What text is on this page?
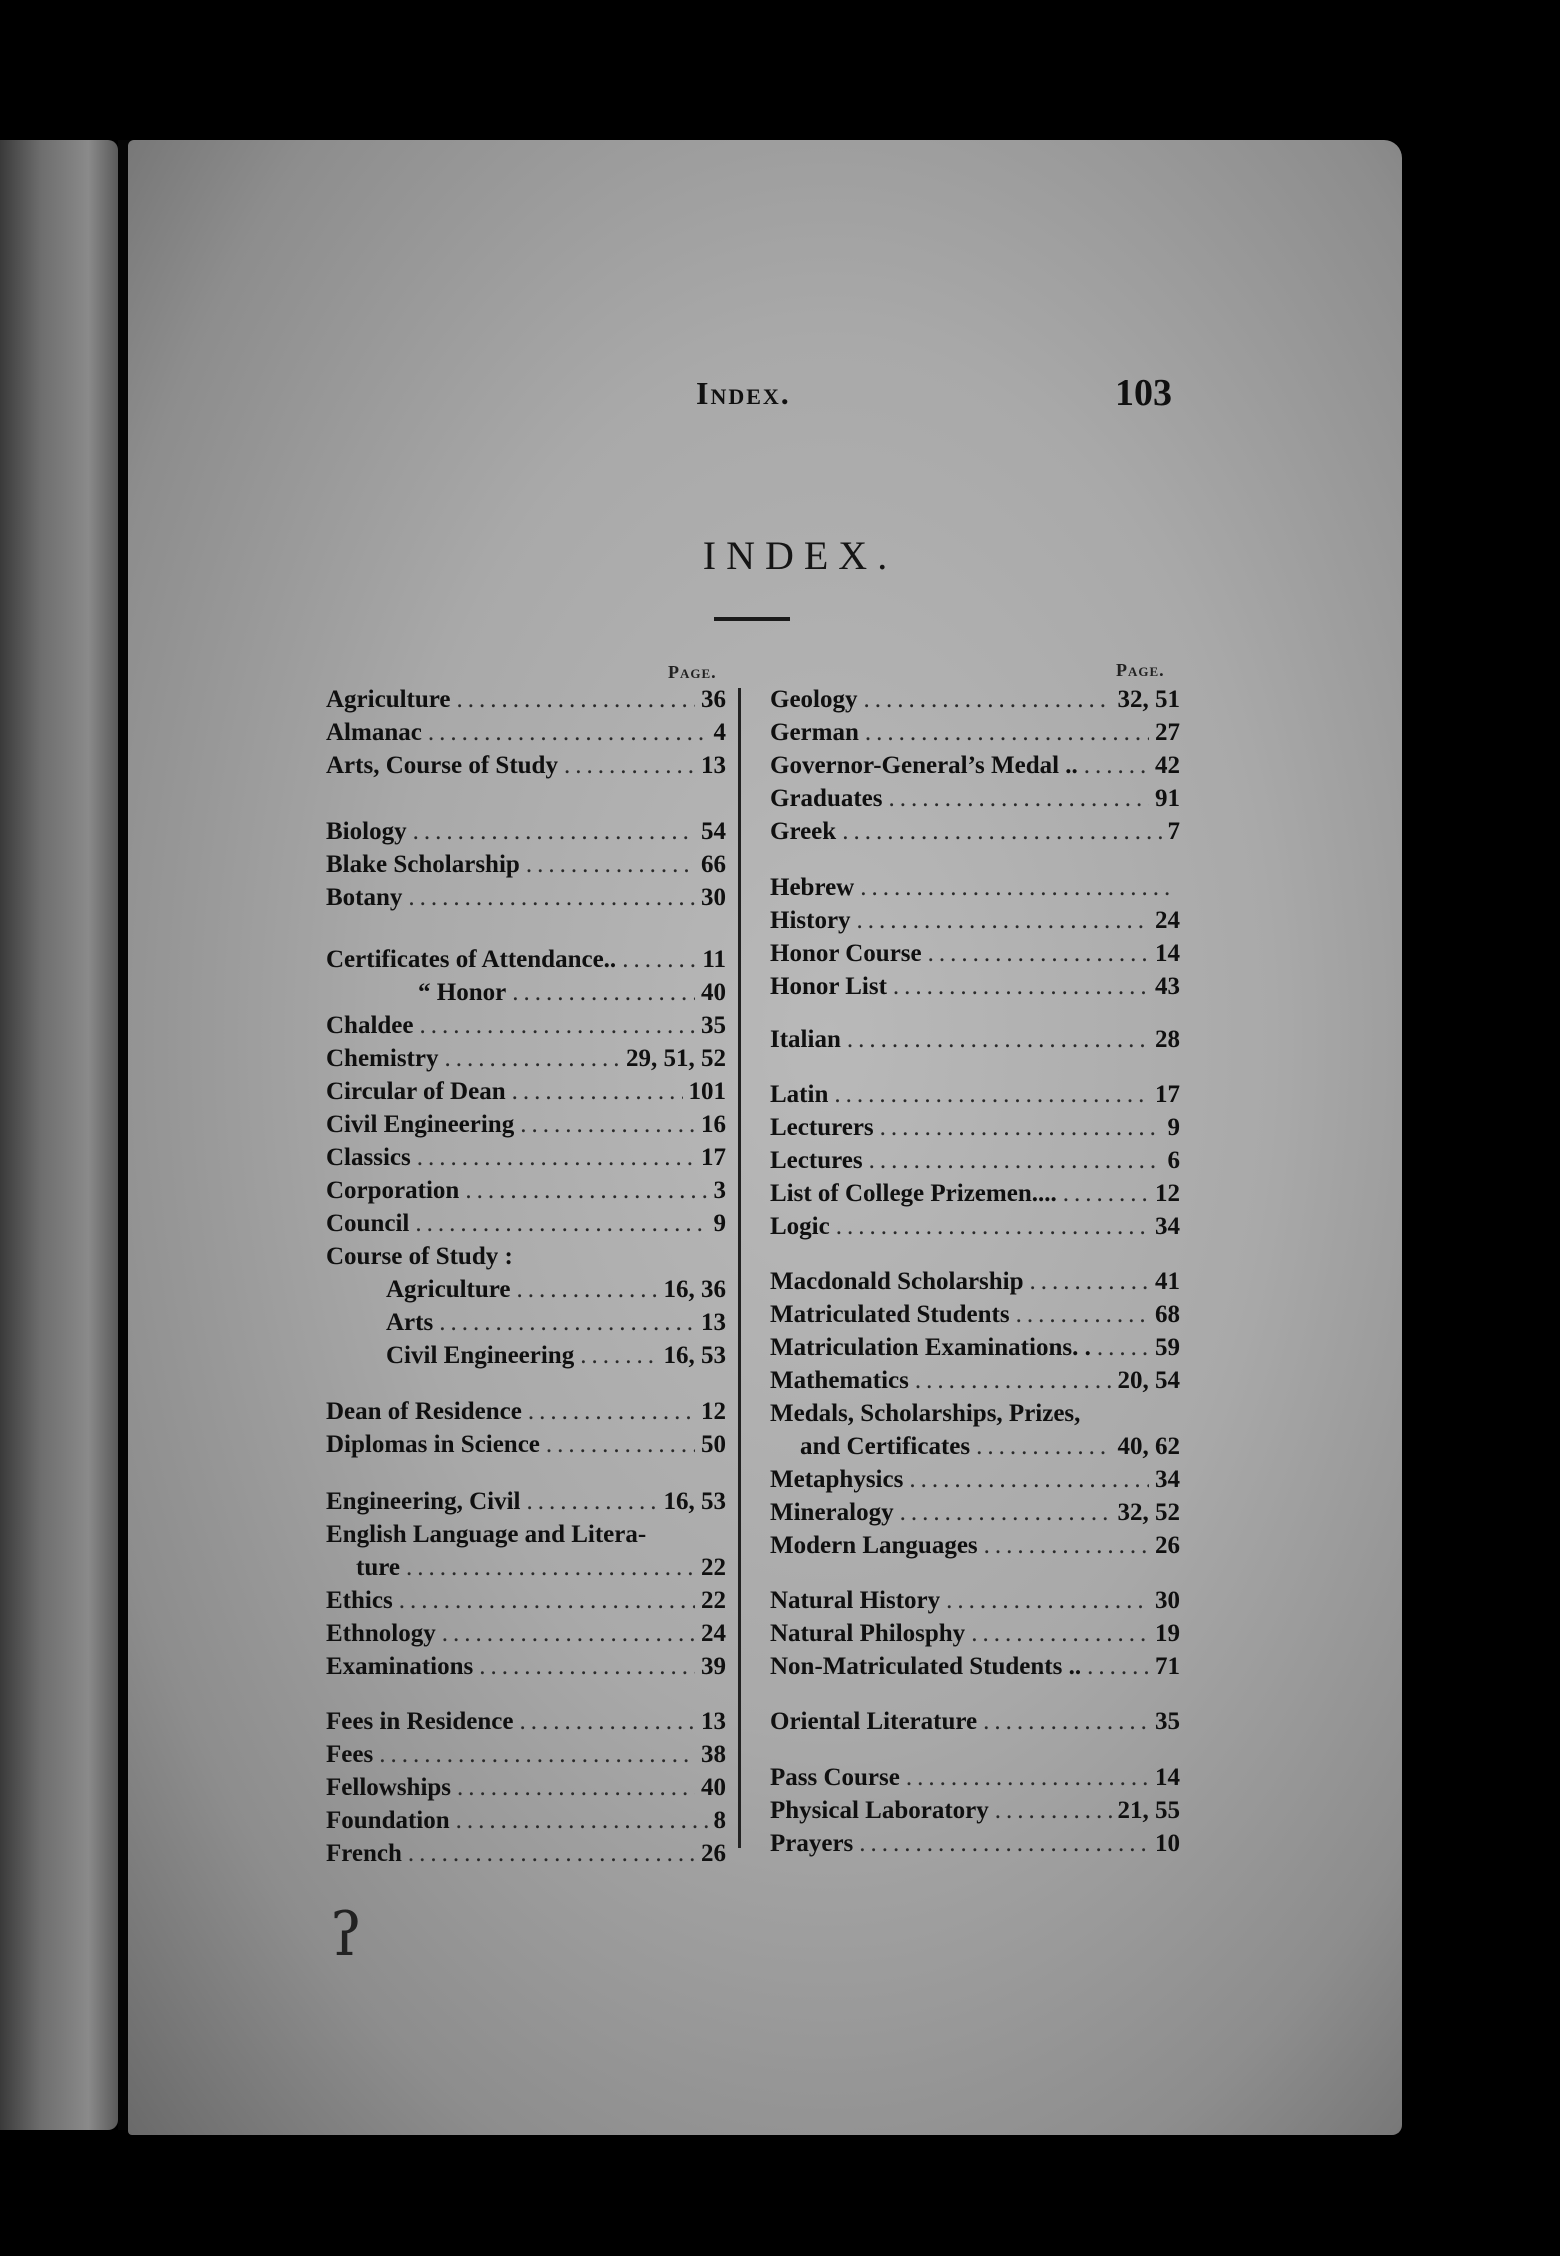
Index.	103
INDEX.
Page.	Page.
Agriculture .....	36
Almanac .....	4
Arts, Course of Study .....	13
Biology .....	54
Blake Scholarship .....	66
Botany .....	30
Certificates of Attendance.. .....	11
“ Honor .....	40
Chaldee .....	35
Chemistry .....	29, 51, 52
Circular of Dean .....	101
Civil Engineering .....	16
Classics .....	17
Corporation .....	3
Council .....	9
Course of Study :
Agriculture .....	16, 36
Arts .....	13
Civil Engineering .....	16, 53
Dean of Residence .....	12
Diplomas in Science .....	50
Engineering, Civil .....	16, 53
English Language and Litera-
ture .....	22
Ethics .....	22
Ethnology .....	24
Examinations .....	39
Fees in Residence .....	13
Fees .....	38
Fellowships .....	40
Foundation .....	8
French .....	26
Geology .....	32, 51
German .....	27
Governor-General’s Medal .. .....	42
Graduates .....	91
Greek .....	7
Hebrew
.....
History .....	24
Honor Course .....	14
Honor List .....	43
Italian .....	28
Latin .....	17
Lecturers .....	9
Lectures .....	6
List of College Prizemen.... .....	12
Logic .....	34
Macdonald Scholarship .....	41
Matriculated Students .....	68
Matriculation Examinations. . .....	59
Mathematics .....	20, 54
Medals, Scholarships, Prizes,
and Certificates .....	40, 62
Metaphysics .....	34
Mineralogy .....	32, 52
Modern Languages .....	26
Natural History .....	30
Natural Philosphy .....	19
Non-Matriculated Students .. .....	71
Oriental Literature .....	35
Pass Course .....	14
Physical Laboratory .....	21, 55
Prayers .....	10
ʔ
